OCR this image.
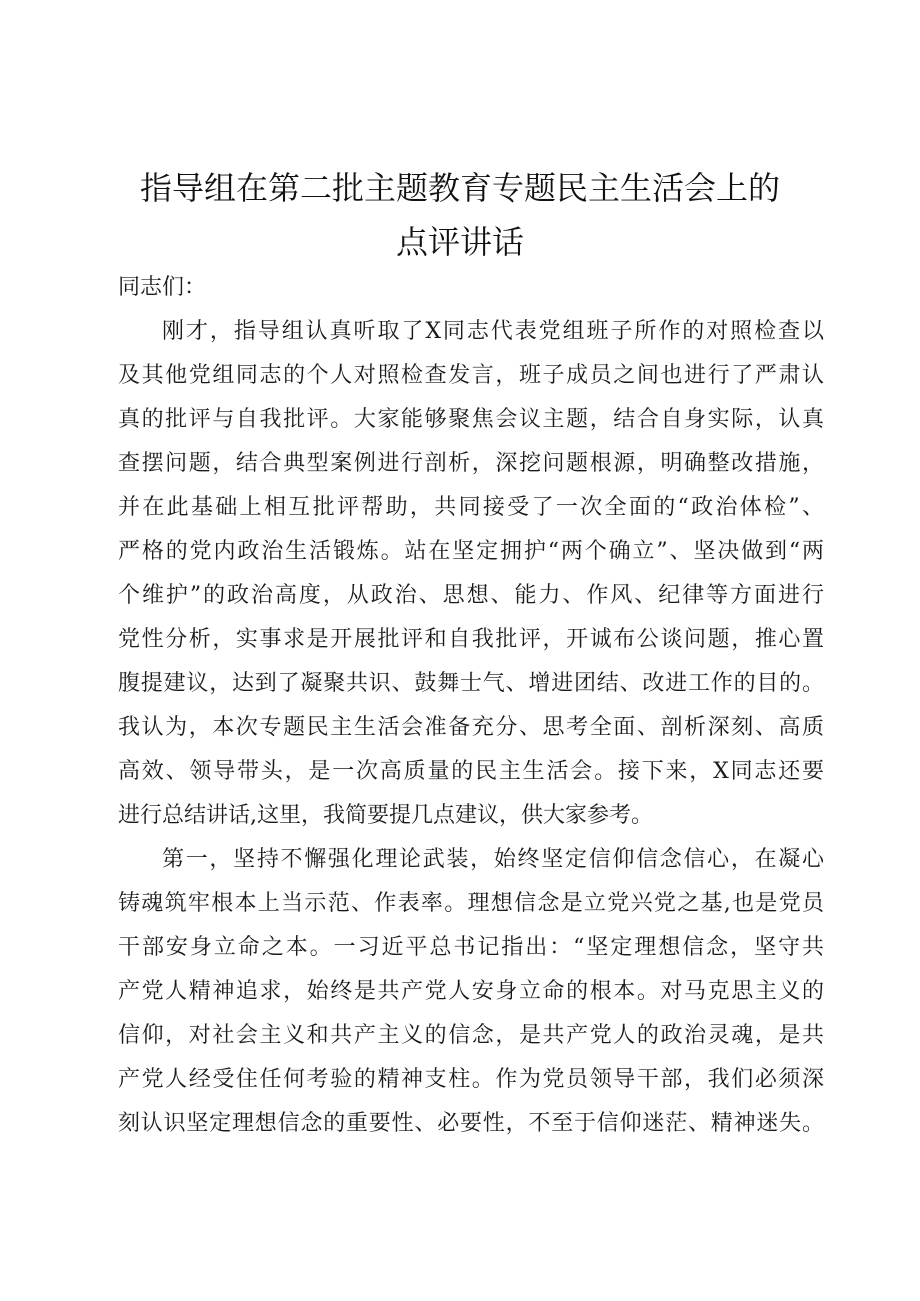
指导组在第二批主题教育专题民主生活会上的
点评讲话

同志们：

刚才，指导组认真听取了X同志代表党组班子所作的对照检查以

及其他党组同志的个人对照检查发言，班子成员之间也进行了严肃认

真的批评与自我批评。大家能够聚焦会议主题，结合自身实际，认真

查摆问题，结合典型案例进行剖析，深挖问题根源，明确整改措施，

并在此基础上相互批评帮助，共同接受了一次全面的“政治体检”、

严格的党内政治生活锻炼。站在坚定拥护“两个确立”、坚决做到“两

个维护”的政治高度，从政治、思想、能力、作风、纪律等方面进行

党性分析，实事求是开展批评和自我批评，开诚布公谈问题，推心置

腹提建议，达到了凝聚共识、鼓舞士气、增进团结、改进工作的目的。

我认为，本次专题民主生活会准备充分、思考全面、剖析深刻、高质

高效、领导带头，是一次高质量的民主生活会。接下来，X同志还要

进行总结讲话,这里，我简要提几点建议，供大家参考。

第一，坚持不懈强化理论武装，始终坚定信仰信念信心，在凝心

铸魂筑牢根本上当示范、作表率。理想信念是立党兴党之基,也是党员

干部安身立命之本。一习近平总书记指出：“坚定理想信念，坚守共

产党人精神追求，始终是共产党人安身立命的根本。对马克思主义的

信仰，对社会主义和共产主义的信念，是共产党人的政治灵魂，是共

产党人经受住任何考验的精神支柱。作为党员领导干部，我们必须深

刻认识坚定理想信念的重要性、必要性，不至于信仰迷茫、精神迷失。
